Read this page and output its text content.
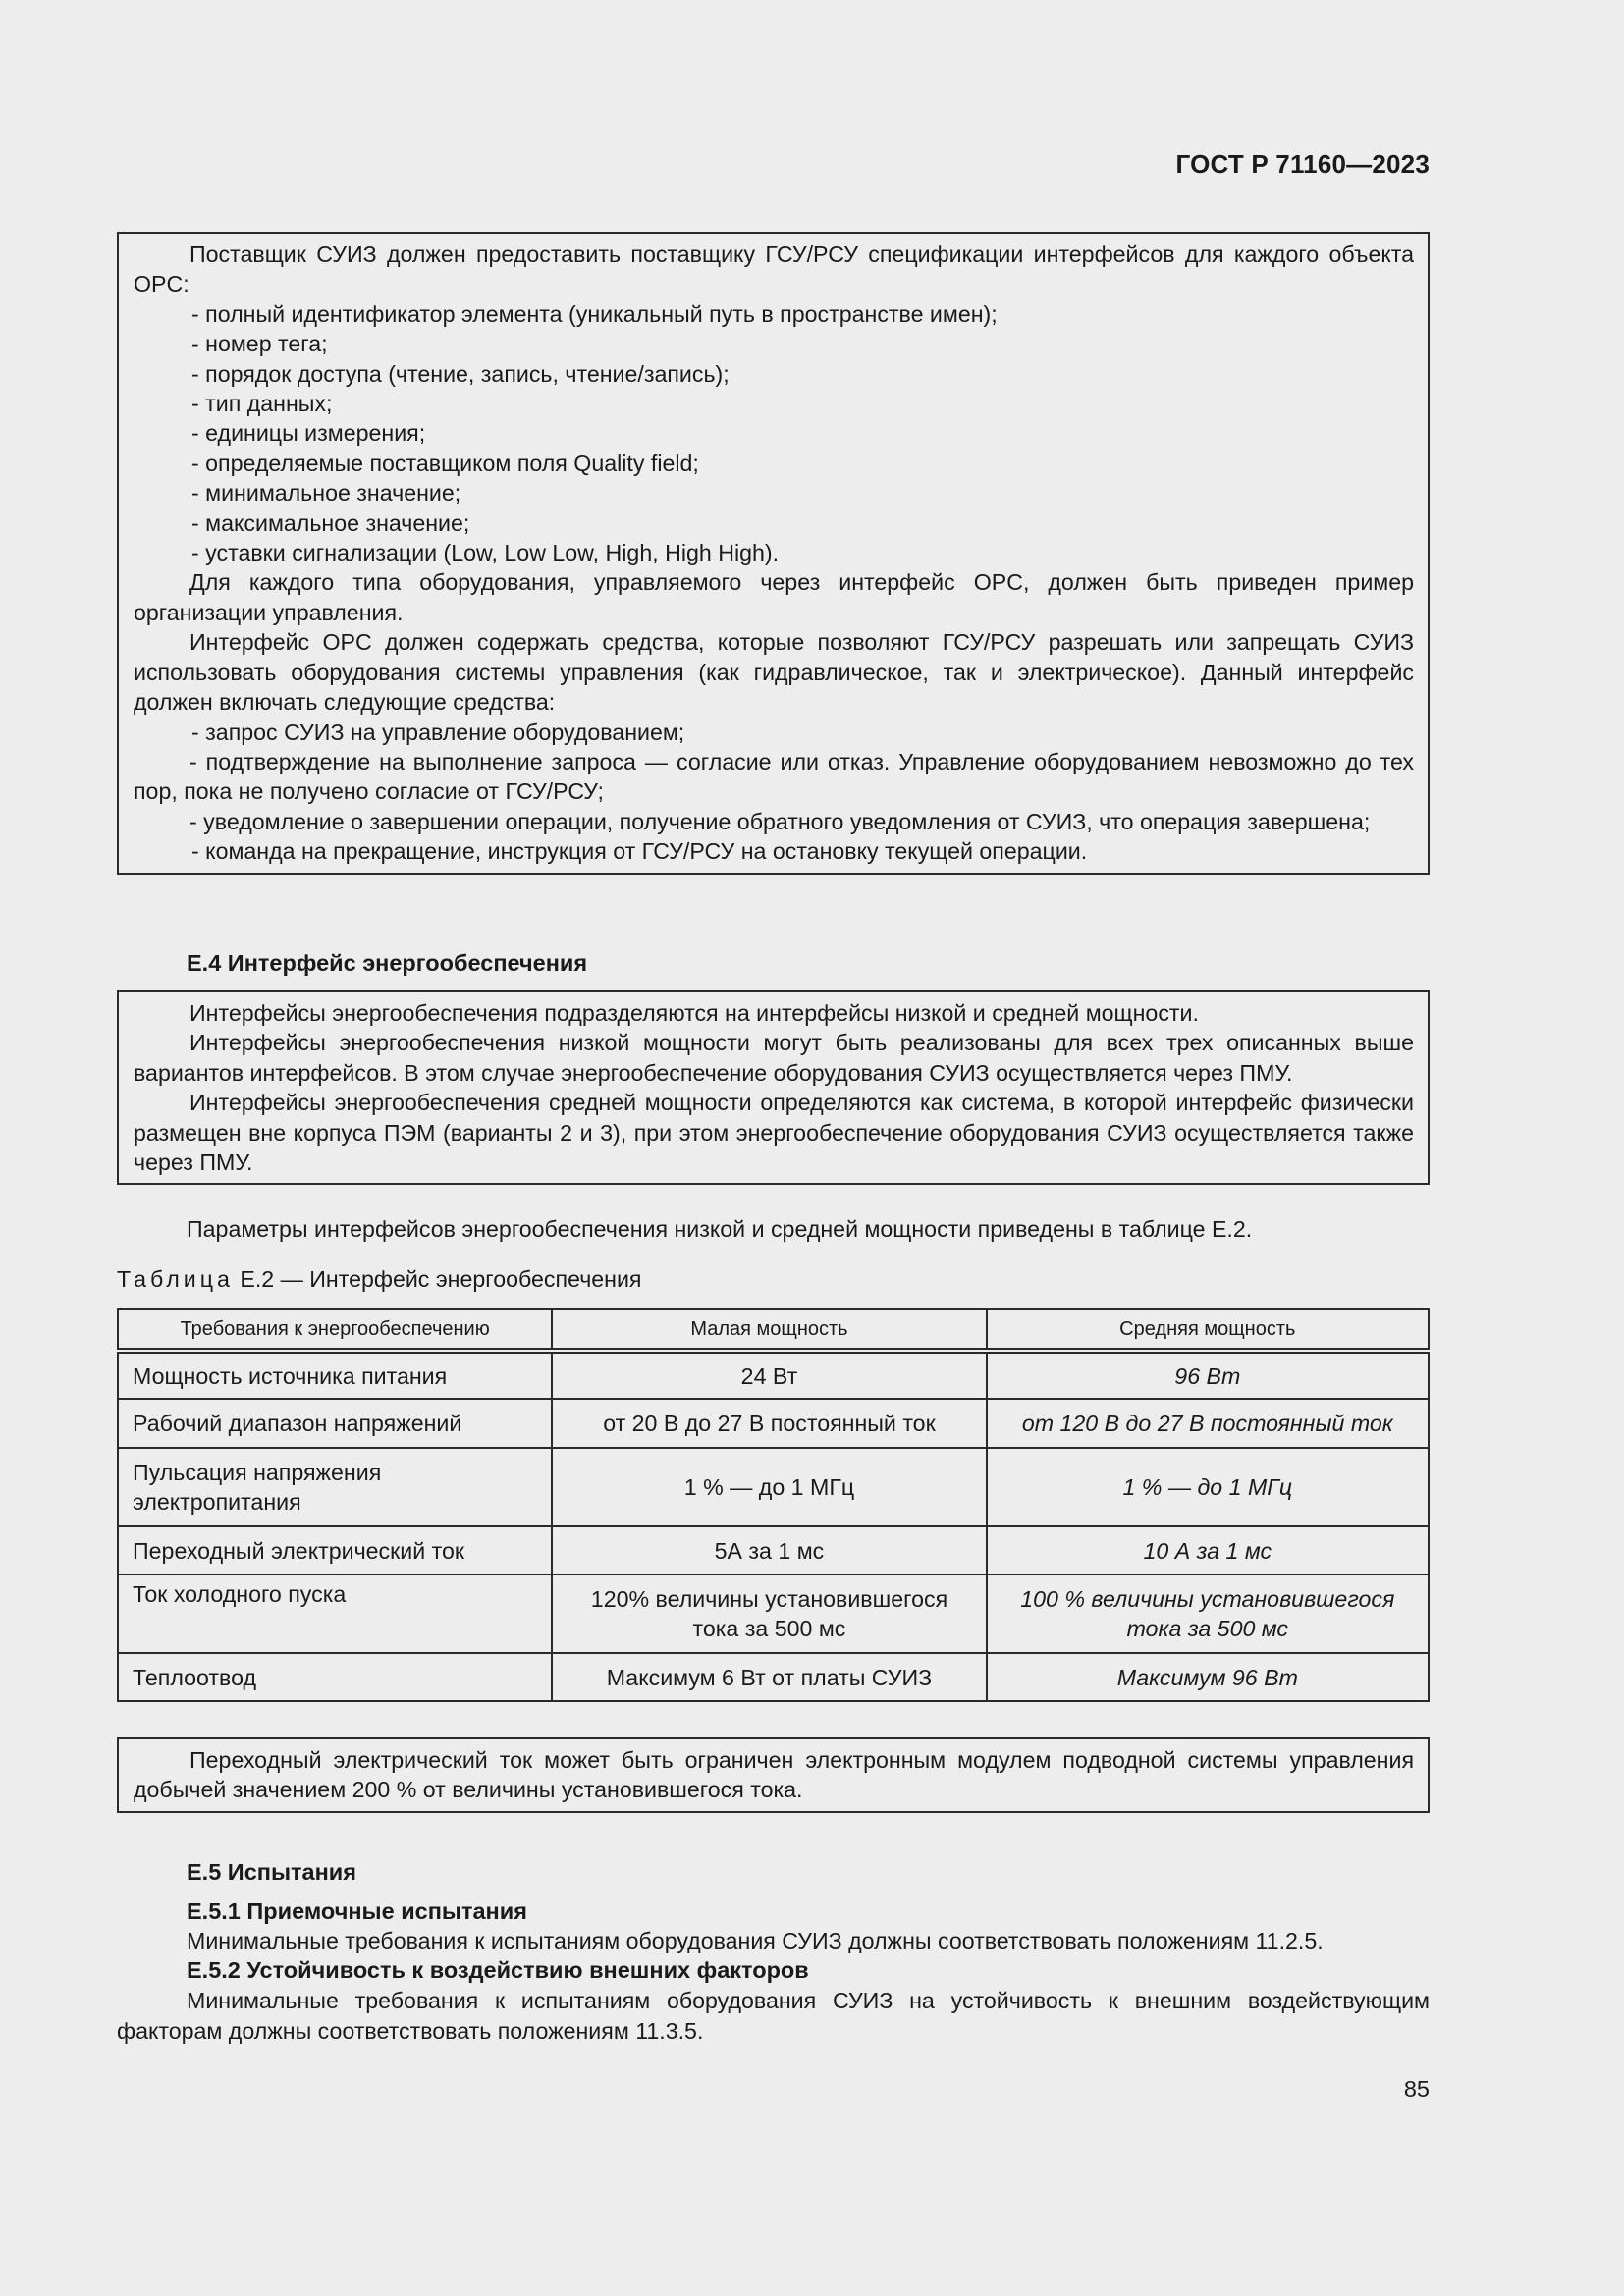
ГОСТ Р 71160—2023

Поставщик СУИЗ должен предоставить поставщику ГСУ/РСУ спецификации интерфейсов для каждого объекта OPC:

- полный идентификатор элемента (уникальный путь в пространстве имен);

- номер тега;

- порядок доступа (чтение, запись, чтение/запись);

- тип данных;

- единицы измерения;

- определяемые поставщиком поля Quality field;

- минимальное значение;

- максимальное значение;

- уставки сигнализации (Low, Low Low, High, High High).

Для каждого типа оборудования, управляемого через интерфейс OPC, должен быть приведен пример организации управления.

Интерфейс OPC должен содержать средства, которые позволяют ГСУ/РСУ разрешать или запрещать СУИЗ использовать оборудования системы управления (как гидравлическое, так и электрическое). Данный интерфейс должен включать следующие средства:

- запрос СУИЗ на управление оборудованием;

- подтверждение на выполнение запроса — согласие или отказ. Управление оборудованием невозможно до тех пор, пока не получено согласие от ГСУ/РСУ;

- уведомление о завершении операции, получение обратного уведомления от СУИЗ, что операция завершена;

- команда на прекращение, инструкция от ГСУ/РСУ на остановку текущей операции.

Е.4 Интерфейс энергообеспечения

Интерфейсы энергообеспечения подразделяются на интерфейсы низкой и средней мощности.

Интерфейсы энергообеспечения низкой мощности могут быть реализованы для всех трех описанных выше вариантов интерфейсов. В этом случае энергообеспечение оборудования СУИЗ осуществляется через ПМУ.

Интерфейсы энергообеспечения средней мощности определяются как система, в которой интерфейс физически размещен вне корпуса ПЭМ (варианты 2 и 3), при этом энергообеспечение оборудования СУИЗ осуществляется также через ПМУ.

Параметры интерфейсов энергообеспечения низкой и средней мощности приведены в таблице Е.2.
Таблица Е.2 — Интерфейс энергообеспечения
Требования к энергообеспечению	Малая мощность	Средняя мощность
Мощность источника питания	24 Вт	96 Вт
Рабочий диапазон напряжений	от 20 В до 27 В постоянный ток	от 120 В до 27 В постоянный ток
Пульсация напряжения электропитания	1 % — до 1 МГц	1 % — до 1 МГц
Переходный электрический ток	5А за 1 мс	10 А за 1 мс
Ток холодного пуска	120% величины установившегося тока за 500 мс	100 % величины установившегося тока за 500 мс
Теплоотвод	Максимум 6 Вт от платы СУИЗ	Максимум 96 Вт

Переходный электрический ток может быть ограничен электронным модулем подводной системы управления добычей значением 200 % от величины установившегося тока.

Е.5 Испытания
Е.5.1 Приемочные испытания
Минимальные требования к испытаниям оборудования СУИЗ должны соответствовать положениям 11.2.5.
Е.5.2 Устойчивость к воздействию внешних факторов
Минимальные требования к испытаниям оборудования СУИЗ на устойчивость к внешним воздействующим факторам должны соответствовать положениям 11.3.5.
85
